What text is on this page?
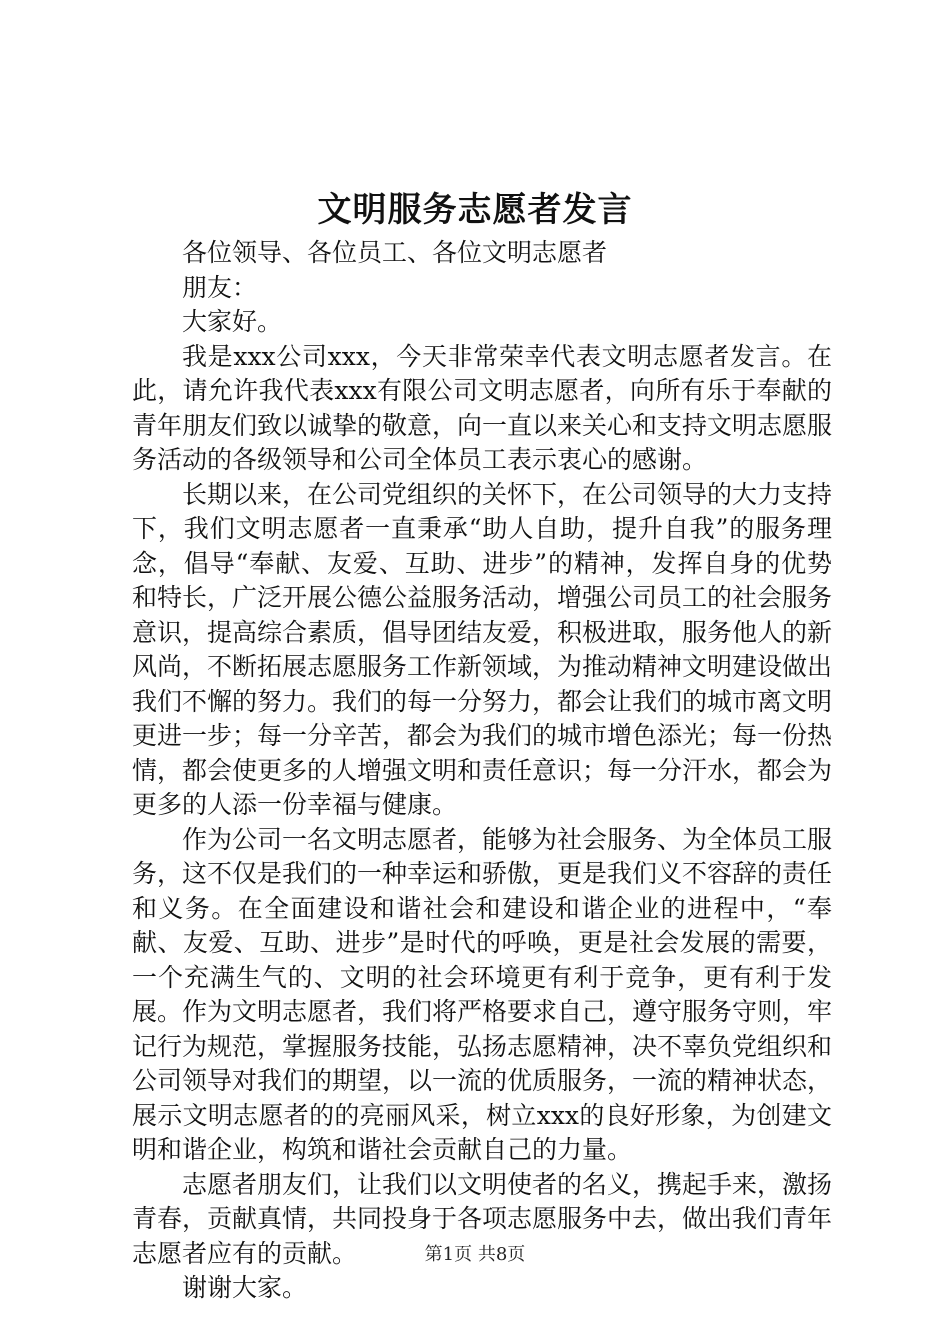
文明服务志愿者发言

各位领导、各位员工、各位文明志愿者

朋友：

大家好。

我是xxx公司xxx，今天非常荣幸代表文明志愿者发言。在此，请允许我代表xxx有限公司文明志愿者，向所有乐于奉献的青年朋友们致以诚挚的敬意，向一直以来关心和支持文明志愿服务活动的各级领导和公司全体员工表示衷心的感谢。

长期以来，在公司党组织的关怀下，在公司领导的大力支持下，我们文明志愿者一直秉承“助人自助，提升自我”的服务理念，倡导“奉献、友爱、互助、进步”的精神，发挥自身的优势和特长，广泛开展公德公益服务活动，增强公司员工的社会服务意识，提高综合素质，倡导团结友爱，积极进取，服务他人的新风尚，不断拓展志愿服务工作新领域，为推动精神文明建设做出我们不懈的努力。我们的每一分努力，都会让我们的城市离文明更进一步；每一分辛苦，都会为我们的城市增色添光；每一份热情，都会使更多的人增强文明和责任意识；每一分汗水，都会为更多的人添一份幸福与健康。

作为公司一名文明志愿者，能够为社会服务、为全体员工服务，这不仅是我们的一种幸运和骄傲，更是我们义不容辞的责任和义务。在全面建设和谐社会和建设和谐企业的进程中，“奉献、友爱、互助、进步”是时代的呼唤，更是社会发展的需要，一个充满生气的、文明的社会环境更有利于竞争，更有利于发展。作为文明志愿者，我们将严格要求自己，遵守服务守则，牢记行为规范，掌握服务技能，弘扬志愿精神，决不辜负党组织和公司领导对我们的期望，以一流的优质服务，一流的精神状态，展示文明志愿者的的亮丽风采，树立xxx的良好形象，为创建文明和谐企业，构筑和谐社会贡献自己的力量。

志愿者朋友们，让我们以文明使者的名义，携起手来，激扬青春，贡献真情，共同投身于各项志愿服务中去，做出我们青年志愿者应有的贡献。

谢谢大家。

第1页 共8页
